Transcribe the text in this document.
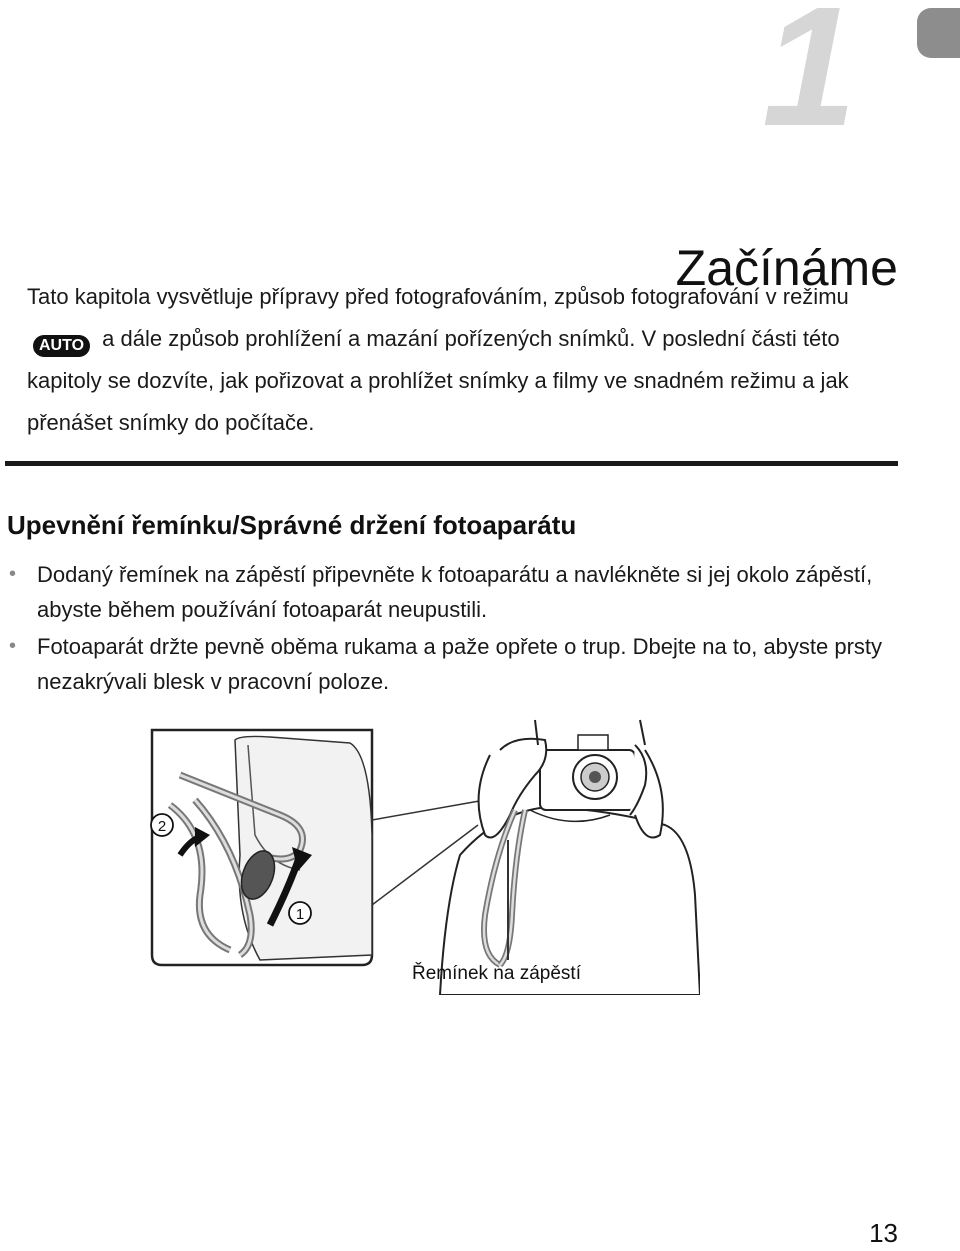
1
Začínáme

Tato kapitola vysvětluje přípravy před fotografováním, způsob fotografování v režimu AUTO a dále způsob prohlížení a mazání pořízených snímků. V poslední části této kapitoly se dozvíte, jak pořizovat a prohlížet snímky a filmy ve snadném režimu a jak přenášet snímky do počítače.

Upevnění řemínku/Správné držení fotoaparátu
• Dodaný řemínek na zápěstí připevněte k fotoaparátu a navlékněte si jej okolo zápěstí, abyste během používání fotoaparát neupustili.
• Fotoaparát držte pevně oběma rukama a paže opřete o trup. Dbejte na to, abyste prsty nezakrývali blesk v pracovní poloze.
2
1
Řemínek na zápěstí
13
